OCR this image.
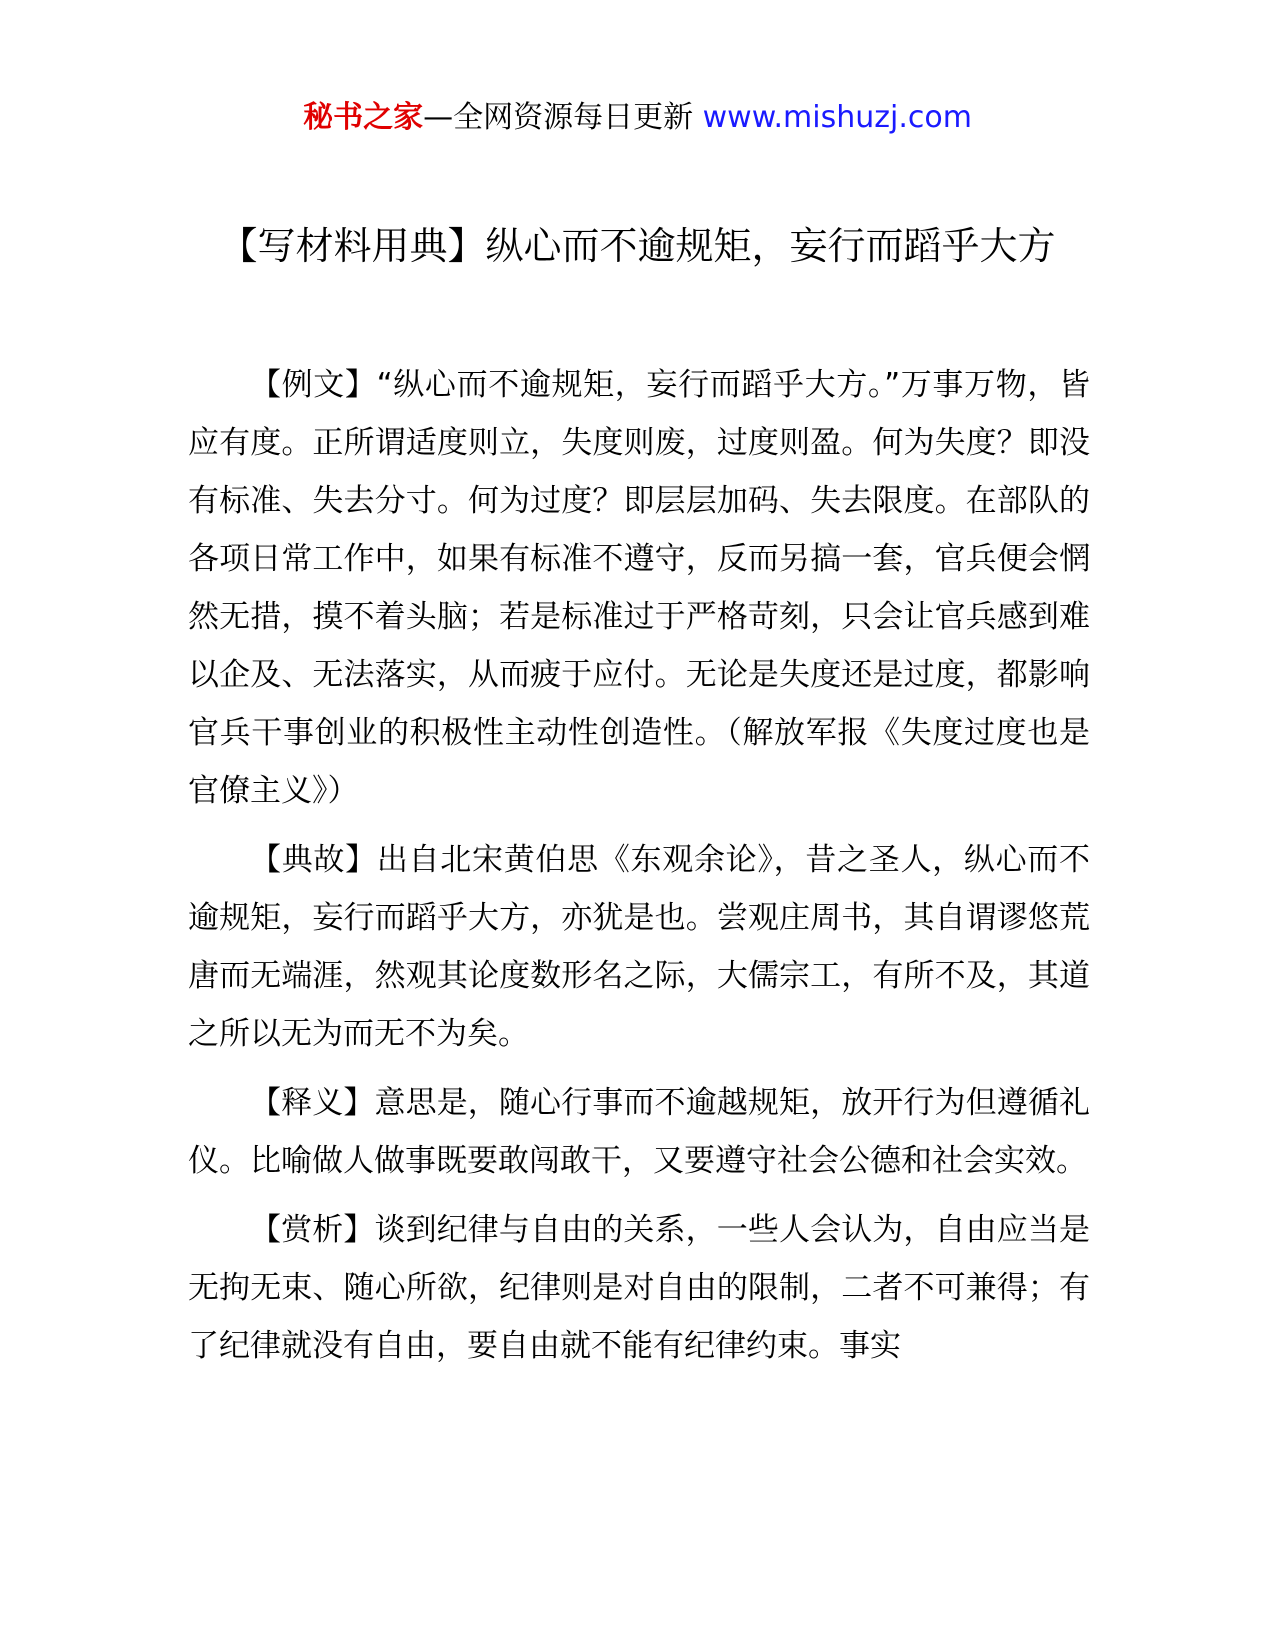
秘书之家—全网资源每日更新 www.mishuzj.com
【写材料用典】纵心而不逾规矩，妄行而蹈乎大方

【例文】“纵心而不逾规矩，妄行而蹈乎大方。”万事万物，皆应有度。正所谓适度则立，失度则废，过度则盈。何为失度？即没有标准、失去分寸。何为过度？即层层加码、失去限度。在部队的各项日常工作中，如果有标准不遵守，反而另搞一套，官兵便会惘然无措，摸不着头脑；若是标准过于严格苛刻，只会让官兵感到难以企及、无法落实，从而疲于应付。无论是失度还是过度，都影响官兵干事创业的积极性主动性创造性。（解放军报《失度过度也是官僚主义》）

【典故】出自北宋黄伯思《东观余论》，昔之圣人，纵心而不逾规矩，妄行而蹈乎大方，亦犹是也。尝观庄周书，其自谓谬悠荒唐而无端涯，然观其论度数形名之际，大儒宗工，有所不及，其道之所以无为而无不为矣。

【释义】意思是，随心行事而不逾越规矩，放开行为但遵循礼仪。比喻做人做事既要敢闯敢干，又要遵守社会公德和社会实效。

【赏析】谈到纪律与自由的关系，一些人会认为，自由应当是无拘无束、随心所欲，纪律则是对自由的限制，二者不可兼得；有了纪律就没有自由，要自由就不能有纪律约束。事实
